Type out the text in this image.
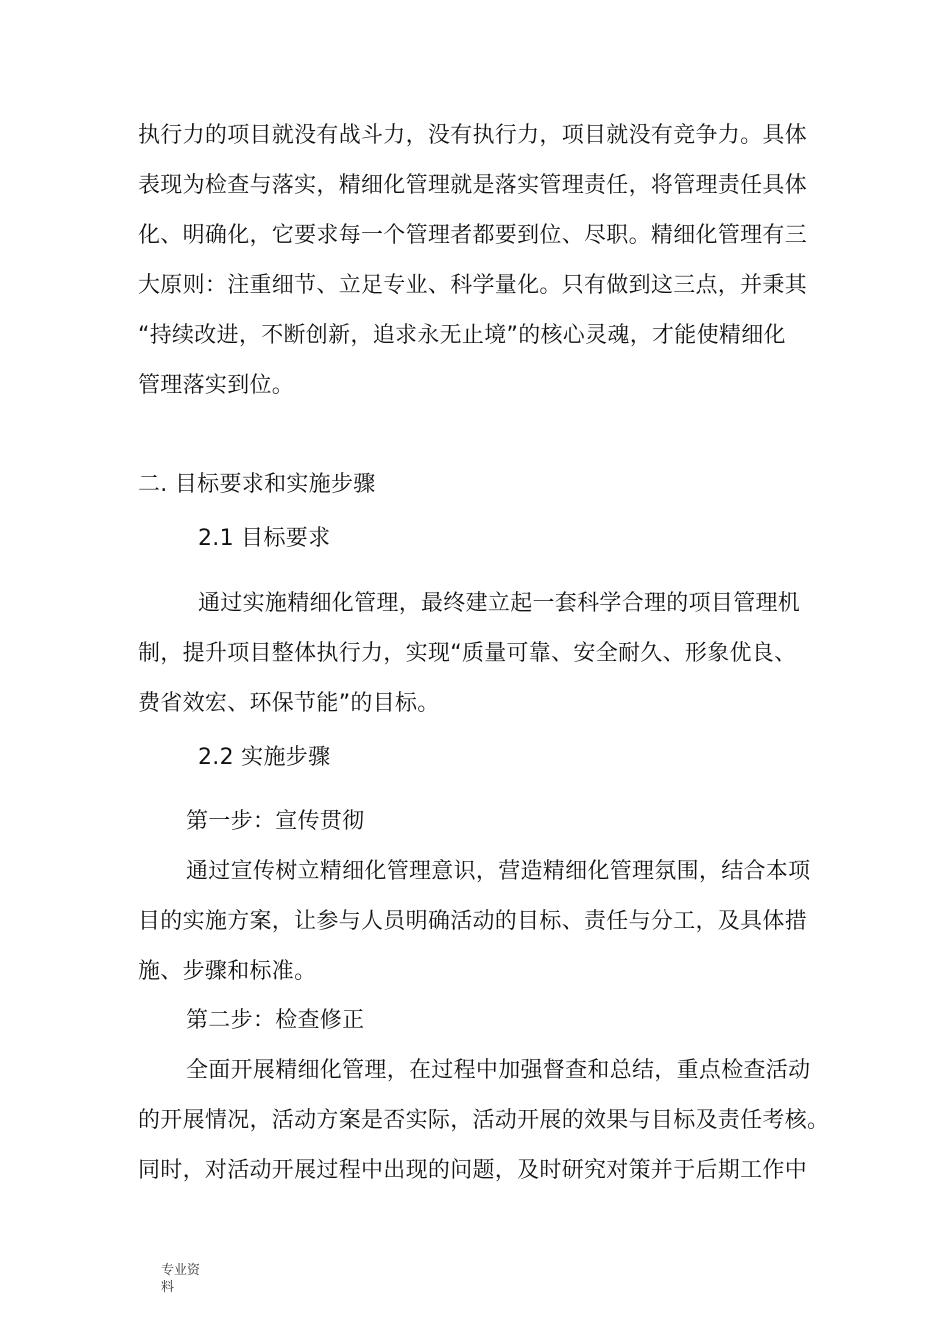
执行力的项目就没有战斗力，没有执行力，项目就没有竞争力。具体
表现为检查与落实，精细化管理就是落实管理责任，将管理责任具体
化、明确化，它要求每一个管理者都要到位、尽职。精细化管理有三
大原则：注重细节、立足专业、科学量化。只有做到这三点，并秉其
“持续改进，不断创新，追求永无止境”的核心灵魂，才能使精细化
管理落实到位。
二. 目标要求和实施步骤
2.1 目标要求
通过实施精细化管理，最终建立起一套科学合理的项目管理机
制，提升项目整体执行力，实现“质量可靠、安全耐久、形象优良、
费省效宏、环保节能”的目标。
2.2 实施步骤
第一步：宣传贯彻
通过宣传树立精细化管理意识，营造精细化管理氛围，结合本项
目的实施方案，让参与人员明确活动的目标、责任与分工，及具体措
施、步骤和标准。
第二步：检查修正
全面开展精细化管理，在过程中加强督查和总结，重点检查活动
的开展情况，活动方案是否实际，活动开展的效果与目标及责任考核。
同时，对活动开展过程中出现的问题，及时研究对策并于后期工作中
专业资料
